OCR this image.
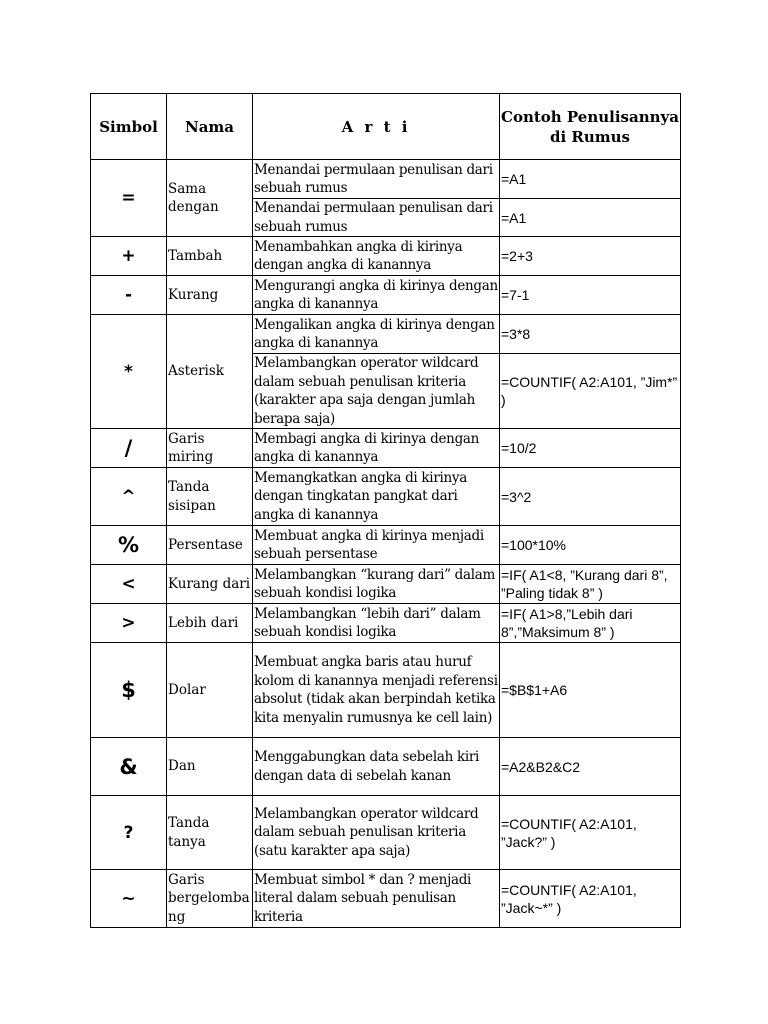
Simbol	Nama	A r t i	Contoh Penulisannya di Rumus
=	Sama dengan	Menandai permulaan penulisan dari sebuah rumus	=A1
		Menandai permulaan penulisan dari sebuah rumus	=A1
+	Tambah	Menambahkan angka di kirinya dengan angka di kanannya	=2+3
-	Kurang	Mengurangi angka di kirinya dengan angka di kanannya	=7-1
*	Asterisk	Mengalikan angka di kirinya dengan angka di kanannya	=3*8
		Melambangkan operator wildcard dalam sebuah penulisan kriteria (karakter apa saja dengan jumlah berapa saja)	=COUNTIF( A2:A101, ”Jim*” )
/	Garis miring	Membagi angka di kirinya dengan angka di kanannya	=10/2
^	Tanda sisipan	Memangkatkan angka di kirinya dengan tingkatan pangkat dari angka di kanannya	=3^2
%	Persentase	Membuat angka di kirinya menjadi sebuah persentase	=100*10%
<	Kurang dari	Melambangkan “kurang dari” dalam sebuah kondisi logika	=IF( A1<8, ”Kurang dari 8”, ”Paling tidak 8” )
>	Lebih dari	Melambangkan “lebih dari” dalam sebuah kondisi logika	=IF( A1>8,”Lebih dari 8”,”Maksimum 8” )
$	Dolar	Membuat angka baris atau huruf kolom di kanannya menjadi referensi absolut (tidak akan berpindah ketika kita menyalin rumusnya ke cell lain)	=$B$1+A6
&	Dan	Menggabungkan data sebelah kiri dengan data di sebelah kanan	=A2&B2&C2
?	Tanda tanya	Melambangkan operator wildcard dalam sebuah penulisan kriteria (satu karakter apa saja)	=COUNTIF( A2:A101, ”Jack?” )
~	Garis bergelombang	Membuat simbol * dan ? menjadi literal dalam sebuah penulisan kriteria	=COUNTIF( A2:A101, ”Jack~*” )
